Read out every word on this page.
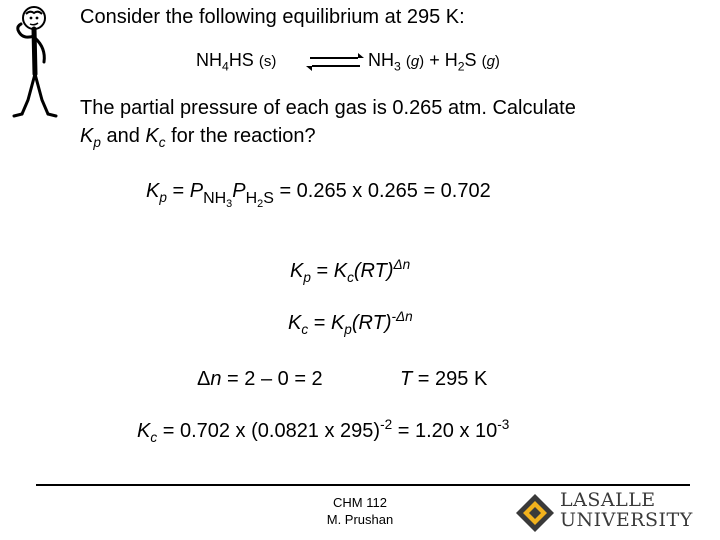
Consider the following equilibrium at 295 K:
$NH_4HS$ (s) ⇌ $NH_3$ $(g) + H_2S$ (g)
The partial pressure of each gas is 0.265 atm. Calculate
$K_p$ and $K_c$ for the reaction?
$K_p = P_{NH_3}P_{H_2S} = 0.265$ x 0.265 = 0.702
$K_p = K_c(RT)^{\Delta n}$
$K_c = K_p(RT)^{-\Delta n}$
Δn = 2 – 0 = 2	T = 295 K
$K_c = 0.702$ x (0.0821 x 295)$^{-2}$ = 1.20 x $10^{-3}$
CHM 112
M. Prushan
LASALLE
UNIVERSITY
